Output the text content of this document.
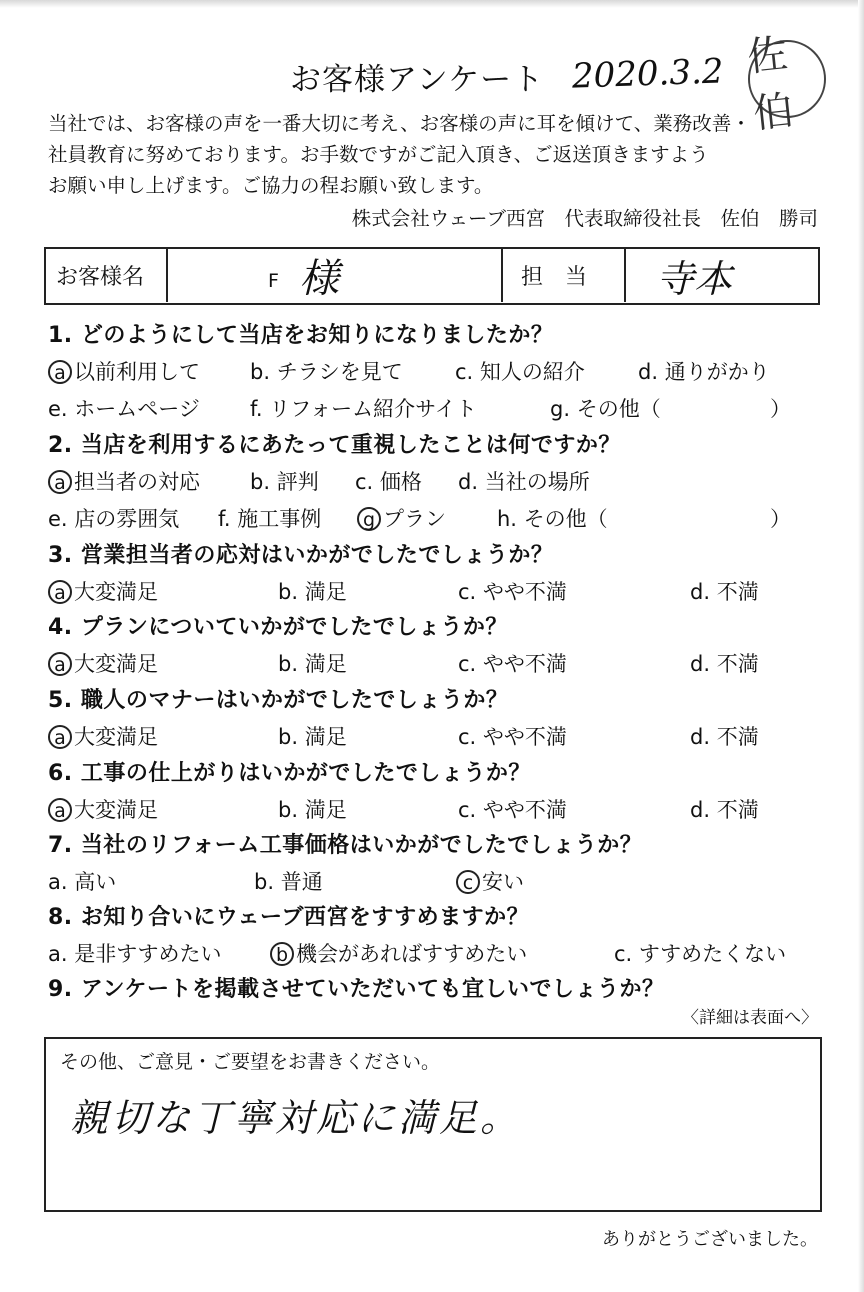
お客様アンケート 2020.3.2 佐伯
当社では、お客様の声を一番大切に考え、お客様の声に耳を傾けて、業務改善・
社員教育に努めております。お手数ですがご記入頂き、ご返送頂きますよう
お願い申し上げます。ご協力の程お願い致します。
株式会社ウェーブ西宮　代表取締役社長　佐伯　勝司
お客様名	F 様	担　当 寺本
1. どのようにして当店をお知りになりましたか？
a 以前利用して b. チラシを見て c. 知人の紹介	d. 通りがかり
e. ホームページ f. リフォーム紹介サイト	g. その他（	）
2. 当店を利用するにあたって重視したことは何ですか？
a 担当者の対応 b. 評判 c. 価格 d. 当社の場所
e. 店の雰囲気 f. 施工事例	g プラン h. その他（	）
3. 営業担当者の応対はいかがでしたでしょうか？
a 大変満足	b. 満足	c. やや不満	d. 不満
4. プランについていかがでしたでしょうか？
a 大変満足	b. 満足	c. やや不満	d. 不満
5. 職人のマナーはいかがでしたでしょうか？
a 大変満足	b. 満足	c. やや不満	d. 不満
6. 工事の仕上がりはいかがでしたでしょうか？
a 大変満足	b. 満足	c. やや不満	d. 不満
7. 当社のリフォーム工事価格はいかがでしたでしょうか？
a. 高い	b. 普通	c 安い
8. お知り合いにウェーブ西宮をすすめますか？
a. 是非すすめたい	b 機会があればすすめたい	c. すすめたくない
9. アンケートを掲載させていただいても宜しいでしょうか？
〈詳細は表面へ〉
その他、ご意見・ご要望をお書きください。
親切な丁寧対応に満足。
ありがとうございました。
